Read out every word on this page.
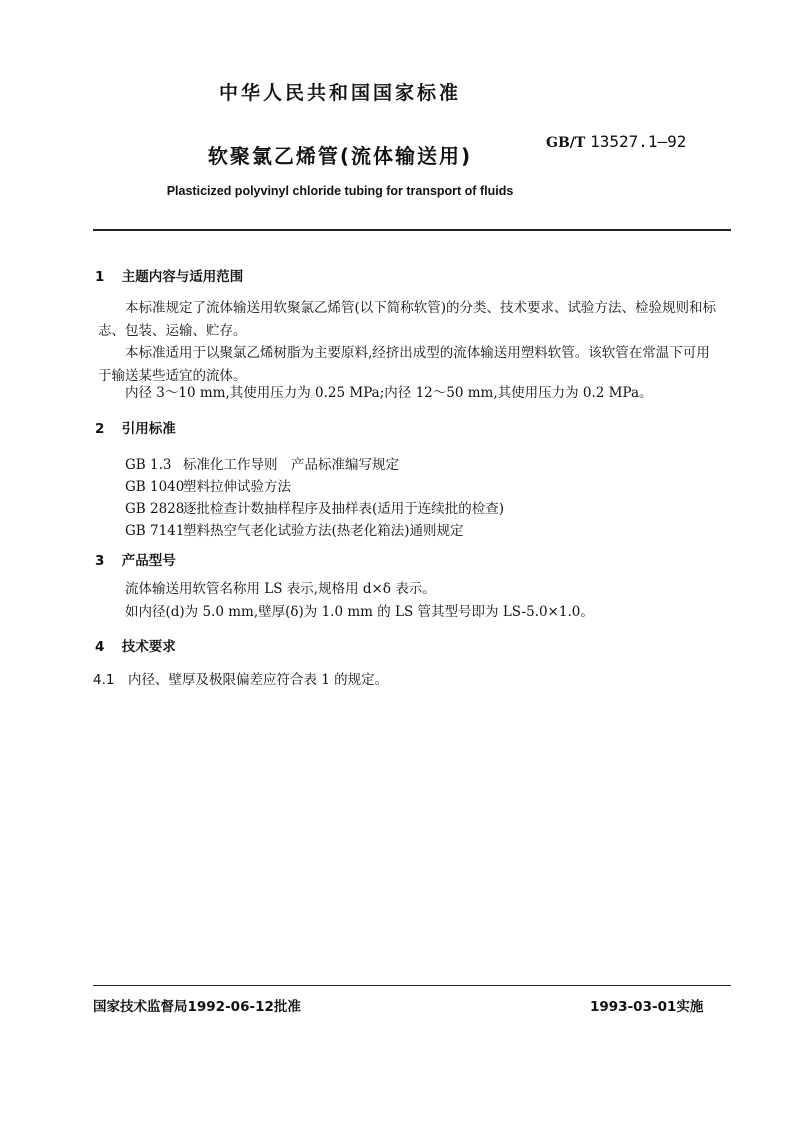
中华人民共和国国家标准
GB/T 13527.1—92
软聚氯乙烯管(流体输送用)
Plasticized polyvinyl chloride tubing for transport of fluids
1 主题内容与适用范围
本标准规定了流体输送用软聚氯乙烯管(以下简称软管)的分类、技术要求、试验方法、检验规则和标志、包装、运输、贮存。
本标准适用于以聚氯乙烯树脂为主要原料,经挤出成型的流体输送用塑料软管。该软管在常温下可用于输送某些适宜的流体。
内径 3～10 mm,其使用压力为 0.25 MPa;内径 12～50 mm,其使用压力为 0.2 MPa。
2 引用标准
GB 1.3 标准化工作导则　产品标准编写规定
GB 1040塑料拉伸试验方法
GB 2828逐批检查计数抽样程序及抽样表(适用于连续批的检查)
GB 7141塑料热空气老化试验方法(热老化箱法)通则规定
3 产品型号
流体输送用软管名称用 LS 表示,规格用 d×δ 表示。
如内径(d)为 5.0 mm,壁厚(δ)为 1.0 mm 的 LS 管其型号即为 LS-5.0×1.0。
4 技术要求
4.1 内径、壁厚及极限偏差应符合表 1 的规定。
国家技术监督局1992-06-12批准	1993-03-01实施
